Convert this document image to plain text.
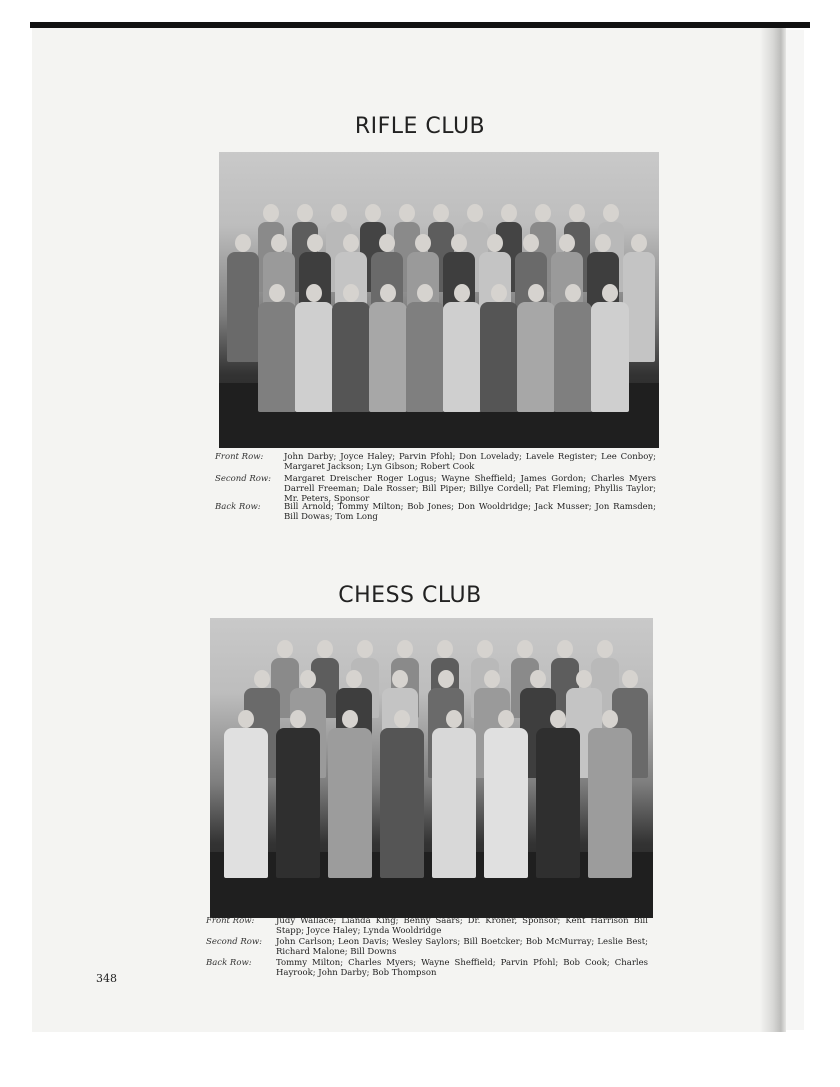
RIFLE CLUB
Front Row: John Darby; Joyce Haley; Parvin Pfohl; Don Lovelady; Lavele Register; Lee Conboy; Margaret Jackson; Lyn Gibson; Robert Cook
Second Row: Margaret Dreischer Roger Logus; Wayne Sheffield; James Gordon; Charles Myers Darrell Freeman; Dale Rosser; Bill Piper; Billye Cordell; Pat Fleming; Phyllis Taylor; Mr. Peters, Sponsor
Back Row:	Bill Arnold; Tommy Milton; Bob Jones; Don Wooldridge; Jack Musser; Jon Ramsden; Bill Dowas; Tom Long
CHESS CLUB
Front Row:	Judy Wallace; Lianda King; Benny Saars; Dr. Kroner, Sponsor; Kent Harrison Bill Stapp; Joyce Haley; Lynda Wooldridge
Second Row: John Carlson; Leon Davis; Wesley Saylors; Bill Boetcker; Bob McMurray; Leslie Best; Richard Malone; Bill Downs
Back Row:	Tommy Milton; Charles Myers; Wayne Sheffield; Parvin Pfohl; Bob Cook; Charles Hayrook; John Darby; Bob Thompson
348
